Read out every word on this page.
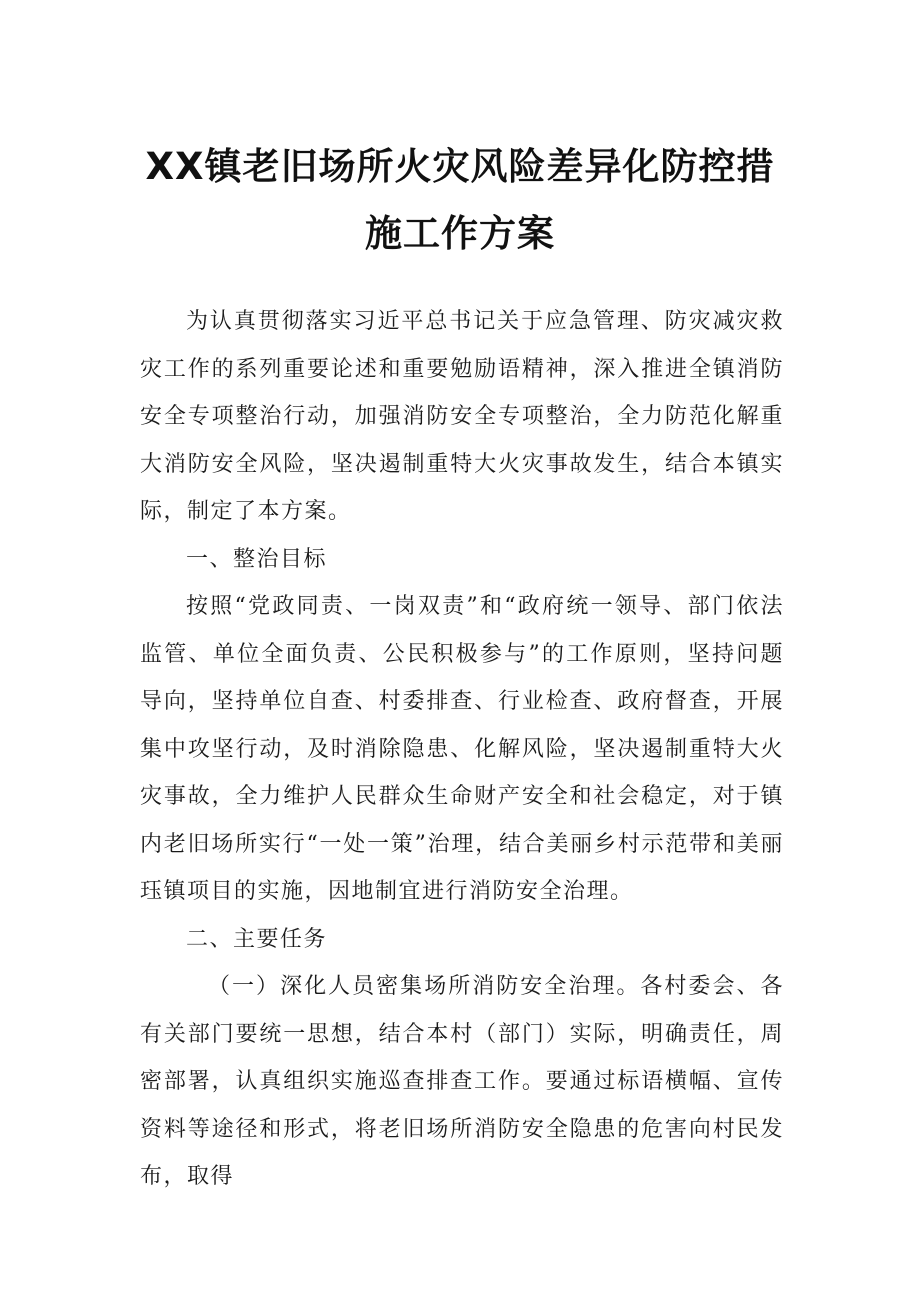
XX镇老旧场所火灾风险差异化防控措
施工作方案

为认真贯彻落实习近平总书记关于应急管理、防灾减灾救灾工作的系列重要论述和重要勉励语精神，深入推进全镇消防安全专项整治行动，加强消防安全专项整治，全力防范化解重大消防安全风险，坚决遏制重特大火灾事故发生，结合本镇实际，制定了本方案。

一、整治目标

按照“党政同责、一岗双责”和“政府统一领导、部门依法监管、单位全面负责、公民积极参与”的工作原则，坚持问题导向，坚持单位自查、村委排查、行业检查、政府督查，开展集中攻坚行动，及时消除隐患、化解风险，坚决遏制重特大火灾事故，全力维护人民群众生命财产安全和社会稳定，对于镇内老旧场所实行“一处一策”治理，结合美丽乡村示范带和美丽珏镇项目的实施，因地制宜进行消防安全治理。

二、主要任务

（一）深化人员密集场所消防安全治理。各村委会、各有关部门要统一思想，结合本村（部门）实际，明确责任，周密部署，认真组织实施巡查排查工作。要通过标语横幅、宣传资料等途径和形式，将老旧场所消防安全隐患的危害向村民发布，取得
